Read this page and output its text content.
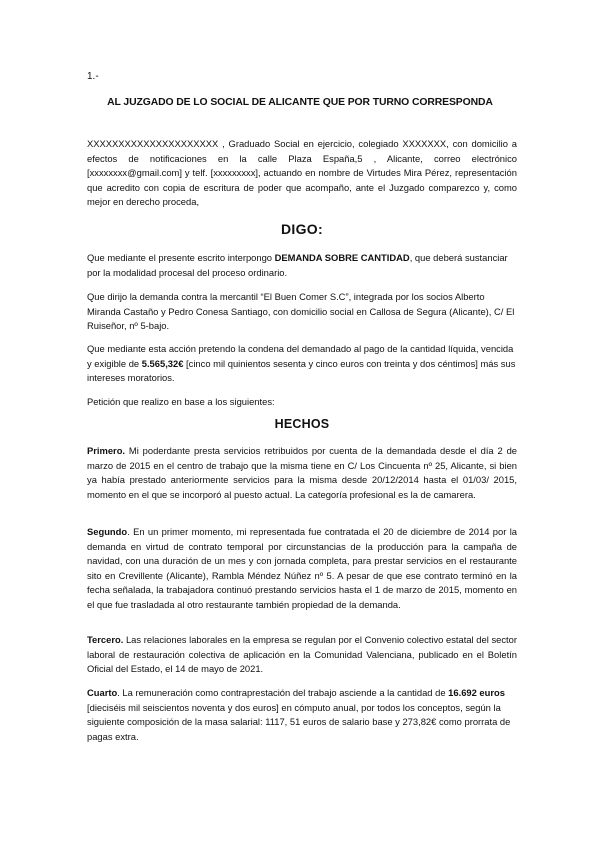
1.-
AL JUZGADO DE LO SOCIAL DE ALICANTE QUE POR TURNO CORRESPONDA
XXXXXXXXXXXXXXXXXXXXX , Graduado Social en ejercicio, colegiado XXXXXXX, con domicilio a efectos de notificaciones en la calle Plaza España,5 , Alicante, correo electrónico [xxxxxxxx@gmail.com] y telf. [xxxxxxxxx], actuando en nombre de Virtudes Mira Pérez, representación que acredito con copia de escritura de poder que acompaño, ante el Juzgado comparezco y, como mejor en derecho proceda,
DIGO:
Que mediante el presente escrito interpongo DEMANDA SOBRE CANTIDAD, que deberá sustanciar por la modalidad procesal del proceso ordinario.
Que dirijo la demanda contra la mercantil “El Buen Comer S.C”, integrada por los socios Alberto Miranda Castaño y Pedro Conesa Santiago, con domicilio social en Callosa de Segura (Alicante), C/ El Ruiseñor, nº 5-bajo.
Que mediante esta acción pretendo la condena del demandado al pago de la cantidad líquida, vencida y exigible de 5.565,32€ [cinco mil quinientos sesenta y cinco euros con treinta y dos céntimos] más sus intereses moratorios.
Petición que realizo en base a los siguientes:
HECHOS
Primero. Mi poderdante presta servicios retribuidos por cuenta de la demandada desde el día 2 de marzo de 2015 en el centro de trabajo que la misma tiene en C/ Los Cincuenta nº 25, Alicante, si bien ya había prestado anteriormente servicios para la misma desde 20/12/2014 hasta el 01/03/ 2015, momento en el que se incorporó al puesto actual. La categoría profesional es la de camarera.
Segundo. En un primer momento, mi representada fue contratada el 20 de diciembre de 2014 por la demanda en virtud de contrato temporal por circunstancias de la producción para la campaña de navidad, con una duración de un mes y con jornada completa, para prestar servicios en el restaurante sito en Crevillente (Alicante), Rambla Méndez Núñez nº 5. A pesar de que ese contrato terminó en la fecha señalada, la trabajadora continuó prestando servicios hasta el 1 de marzo de 2015, momento en el que fue trasladada al otro restaurante también propiedad de la demanda.
Tercero. Las relaciones laborales en la empresa se regulan por el Convenio colectivo estatal del sector laboral de restauración colectiva de aplicación en la Comunidad Valenciana, publicado en el Boletín Oficial del Estado, el 14 de mayo de 2021.
Cuarto. La remuneración como contraprestación del trabajo asciende a la cantidad de 16.692 euros [dieciséis mil seiscientos noventa y dos euros] en cómputo anual, por todos los conceptos, según la siguiente composición de la masa salarial: 1117, 51 euros de salario base y 273,82€ como prorrata de pagas extra.
